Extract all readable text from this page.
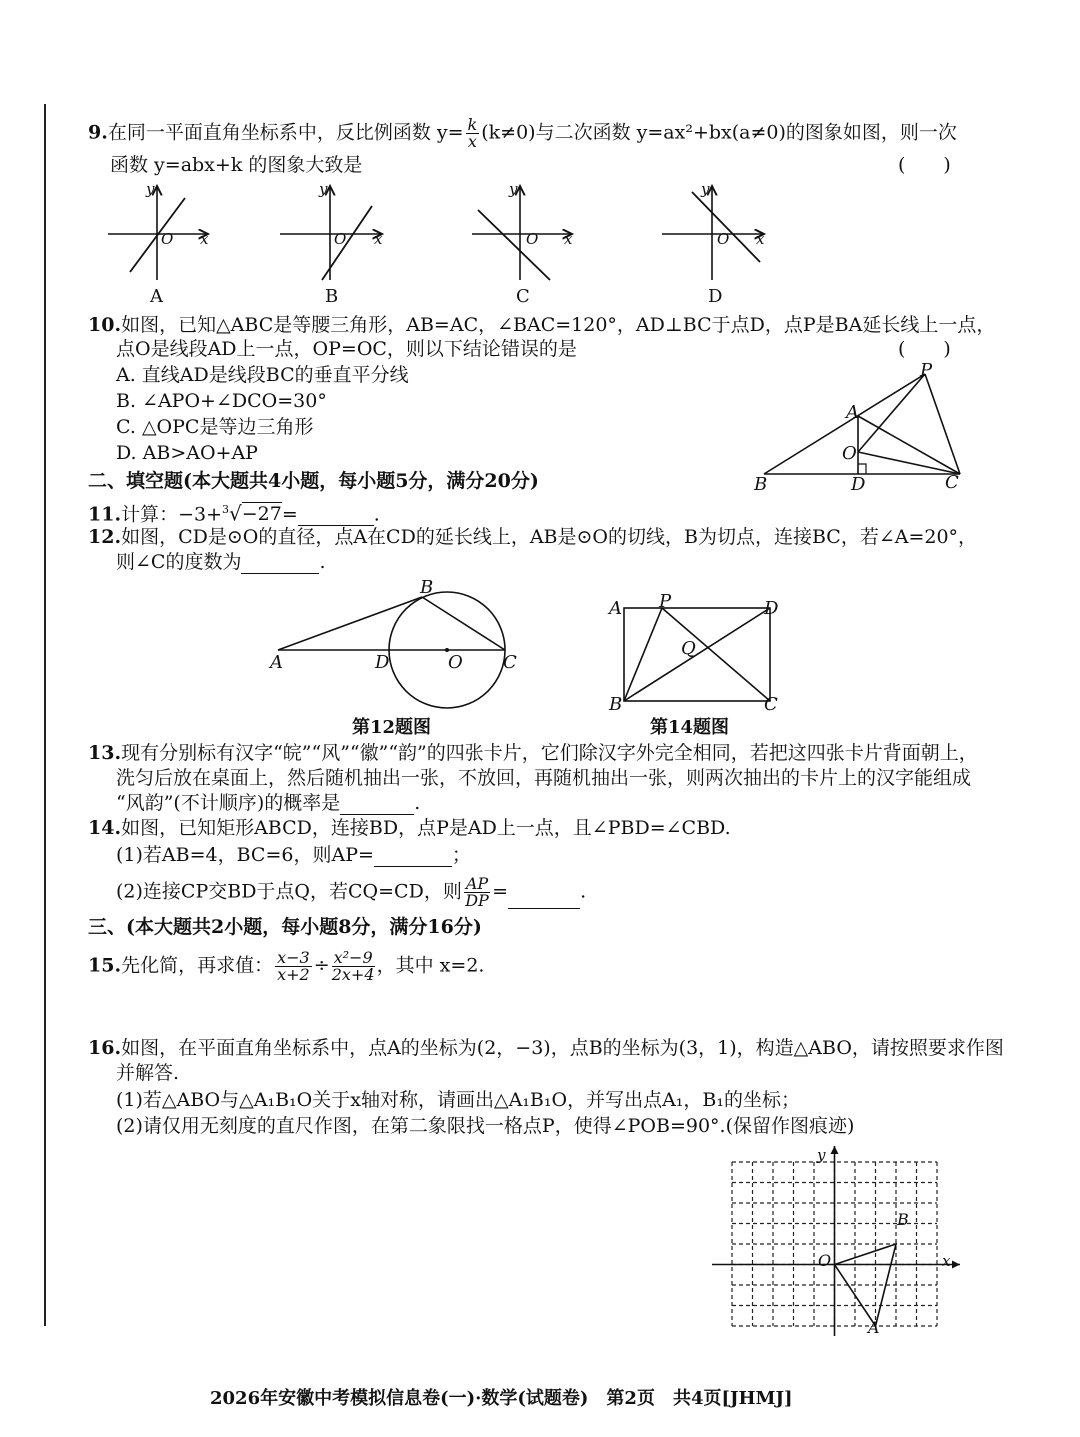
9.在同一平面直角坐标系中，反比例函数 $y= \frac{k}{x} (k\ne 0)$与二次函数 y=ax²+bx(a≠0)的图象如图，则一次
函数 y=abx+k 的图象大致是	(　　)
y
x
O
y
x
O
y
x
O
y
x
O
A	B	C	D
10.如图，已知△ABC是等腰三角形，AB=AC，∠BAC=120°，AD⊥BC于点D，点P是BA延长线上一点，
点O是线段AD上一点，OP=OC，则以下结论错误的是	(　　)
A. 直线AD是线段BC的垂直平分线
B. ∠APO+∠DCO=30°
C. △OPC是等边三角形
D. AB>AO+AP
P
A
O
B	D	C
二、填空题(本大题共4小题，每小题5分，满分20分)
11.计算：−3+$^3$√−27=	.
12.如图，CD是⊙O的直径，点A在CD的延长线上，AB是⊙O的切线，B为切点，连接BC，若∠A=20°，
则∠C的度数为	.
B
A	D	O C
第12题图
A P	D
Q
B	C
第14题图
13.现有分别标有汉字“皖”“风”“徽”“韵”的四张卡片，它们除汉字外完全相同，若把这四张卡片背面朝上，
洗匀后放在桌面上，然后随机抽出一张，不放回，再随机抽出一张，则两次抽出的卡片上的汉字能组成
“风韵”(不计顺序)的概率是	.
14.如图，已知矩形ABCD，连接BD，点P是AD上一点，且∠PBD=∠CBD.
(1)若AB=4，BC=6，则AP=	；
(2)连接CP交BD于点Q，若CQ=CD，则 $\frac{AP}{DP}$ =	.
三、(本大题共2小题，每小题8分，满分16分)
15.先化简，再求值： $\frac{x-3}{x+2} \div \frac{\text{x²−9}}{2x+4}$ ，其中 x=2.
16.如图，在平面直角坐标系中，点A的坐标为(2，−3)，点B的坐标为(3，1)，构造△ABO，请按照要求作图
并解答.
(1)若△ABO与△A₁B₁O关于x轴对称，请画出△A₁B₁O，并写出点A₁，B₁的坐标；
(2)请仅用无刻度的直尺作图，在第二象限找一格点P，使得∠POB=90°.(保留作图痕迹)
x
y
O
B
A
2026年安徽中考模拟信息卷(一)·数学(试题卷)　第2页　共4页[JHMJ]
